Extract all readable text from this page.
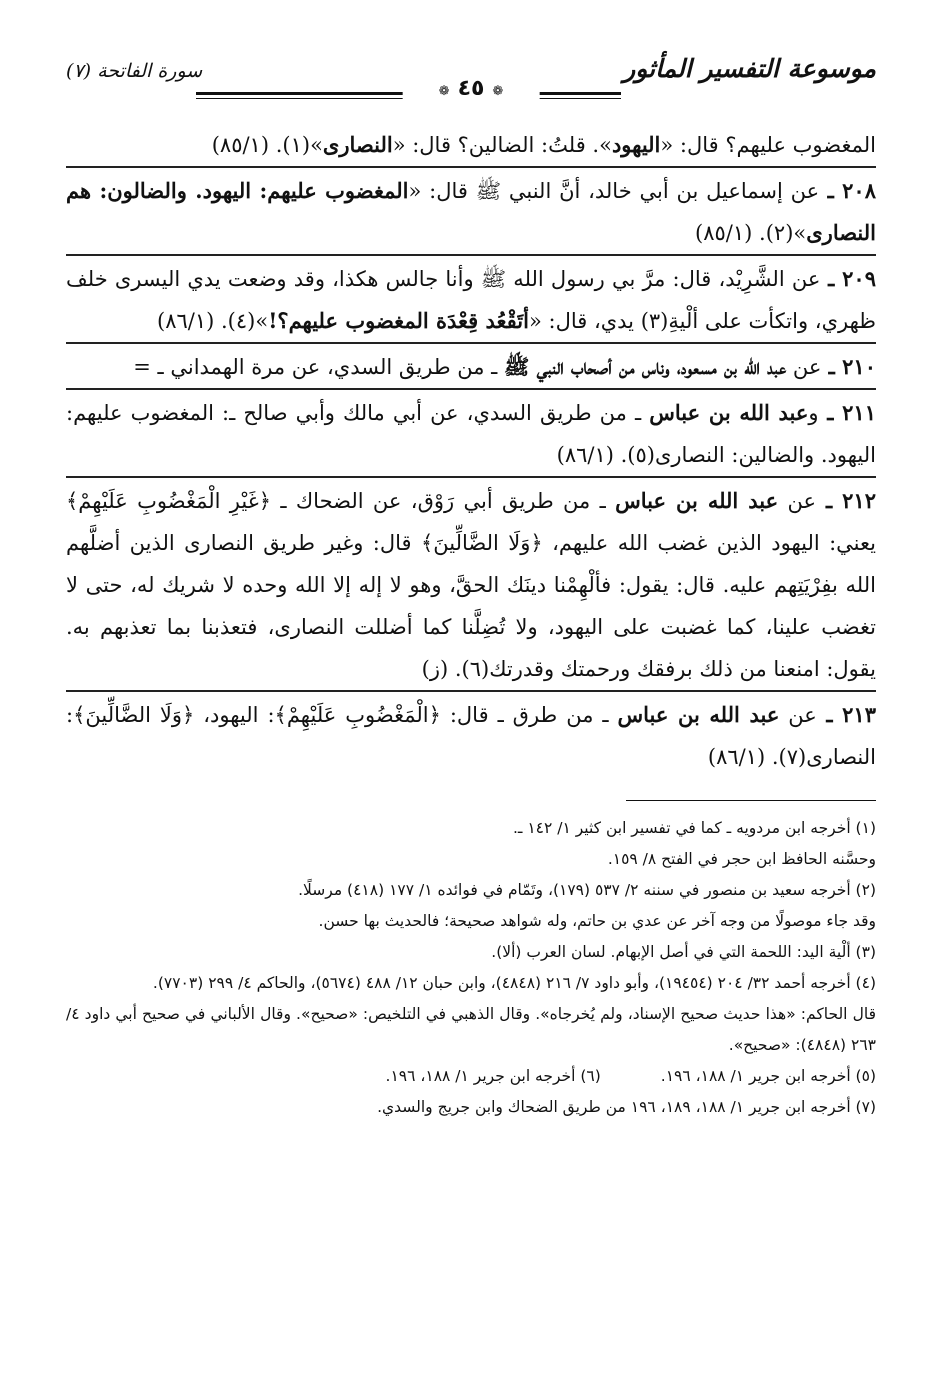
موسوعة التفسير المأثور
❁٤٥❁
سورة الفاتحة (٧)

المغضوب عليهم؟ قال: «اليهود». قلتُ: الضالين؟ قال: «النصارى»(١). (٨٥/١)

٢٠٨ ـ عن إسماعيل بن أبي خالد، أنَّ النبي ﷺ قال: «المغضوب عليهم: اليهود. والضالون: هم النصارى»(٢). (٨٥/١)

٢٠٩ ـ عن الشَّرِيْد، قال: مرَّ بي رسول الله ﷺ وأنا جالس هكذا، وقد وضعت يدي اليسرى خلف ظهري، واتكأت على ألْيةِ(٣) يدي، قال: «أتَقْعُد قِعْدَة المغضوب عليهم؟!»(٤). (٨٦/١)

٢١٠ ـ عن عبد الله بن مسعود، وناس من أصحاب النبي ﷺ ـ من طريق السدي، عن مرة الهمداني ـ =

٢١١ ـ وعبد الله بن عباس ـ من طريق السدي، عن أبي مالك وأبي صالح ـ: المغضوب عليهم: اليهود. والضالين: النصارى(٥). (٨٦/١)

٢١٢ ـ عن عبد الله بن عباس ـ من طريق أبي رَوْق، عن الضحاك ـ ﴿غَيْرِ الْمَغْضُوبِ عَلَيْهِمْ﴾ يعني: اليهود الذين غضب الله عليهم، ﴿وَلَا الضَّالِّينَ﴾ قال: وغير طريق النصارى الذين أضلَّهم الله بفِرْيَتِهم عليه. قال: يقول: فألْهِمْنا دينَك الحقَّ، وهو لا إله إلا الله وحده لا شريك له، حتى لا تغضب علينا، كما غضبت على اليهود، ولا تُضِلَّنا كما أضللت النصارى، فتعذبنا بما تعذبهم به. يقول: امنعنا من ذلك برفقك ورحمتك وقدرتك(٦). (ز)

٢١٣ ـ عن عبد الله بن عباس ـ من طرق ـ قال: ﴿الْمَغْضُوبِ عَلَيْهِمْ﴾: اليهود، ﴿وَلَا الضَّالِّينَ﴾: النصارى(٧). (٨٦/١)

(١) أخرجه ابن مردويه ـ كما في تفسير ابن كثير ١/ ١٤٢ ـ.

وحسَّنه الحافظ ابن حجر في الفتح ٨/ ١٥٩.

(٢) أخرجه سعيد بن منصور في سننه ٢/ ٥٣٧ (١٧٩)، وتَمّام في فوائده ١/ ١٧٧ (٤١٨) مرسلًا.

وقد جاء موصولًا من وجه آخر عن عدي بن حاتم، وله شواهد صحيحة؛ فالحديث بها حسن.

(٣) ألْية اليد: اللحمة التي في أصل الإبهام. لسان العرب (ألا).

(٤) أخرجه أحمد ٣٢/ ٢٠٤ (١٩٤٥٤)، وأبو داود ٧/ ٢١٦ (٤٨٤٨)، وابن حبان ١٢/ ٤٨٨ (٥٦٧٤)، والحاكم ٤/ ٢٩٩ (٧٧٠٣).

قال الحاكم: «هذا حديث صحيح الإسناد، ولم يُخرجاه». وقال الذهبي في التلخيص: «صحيح». وقال الألباني في صحيح أبي داود ٤/ ٢٦٣ (٤٨٤٨): «صحيح».

(٥) أخرجه ابن جرير ١/ ١٨٨، ١٩٦.

(٦) أخرجه ابن جرير ١/ ١٨٨، ١٩٦.

(٧) أخرجه ابن جرير ١/ ١٨٨، ١٨٩، ١٩٦ من طريق الضحاك وابن جريج والسدي.
